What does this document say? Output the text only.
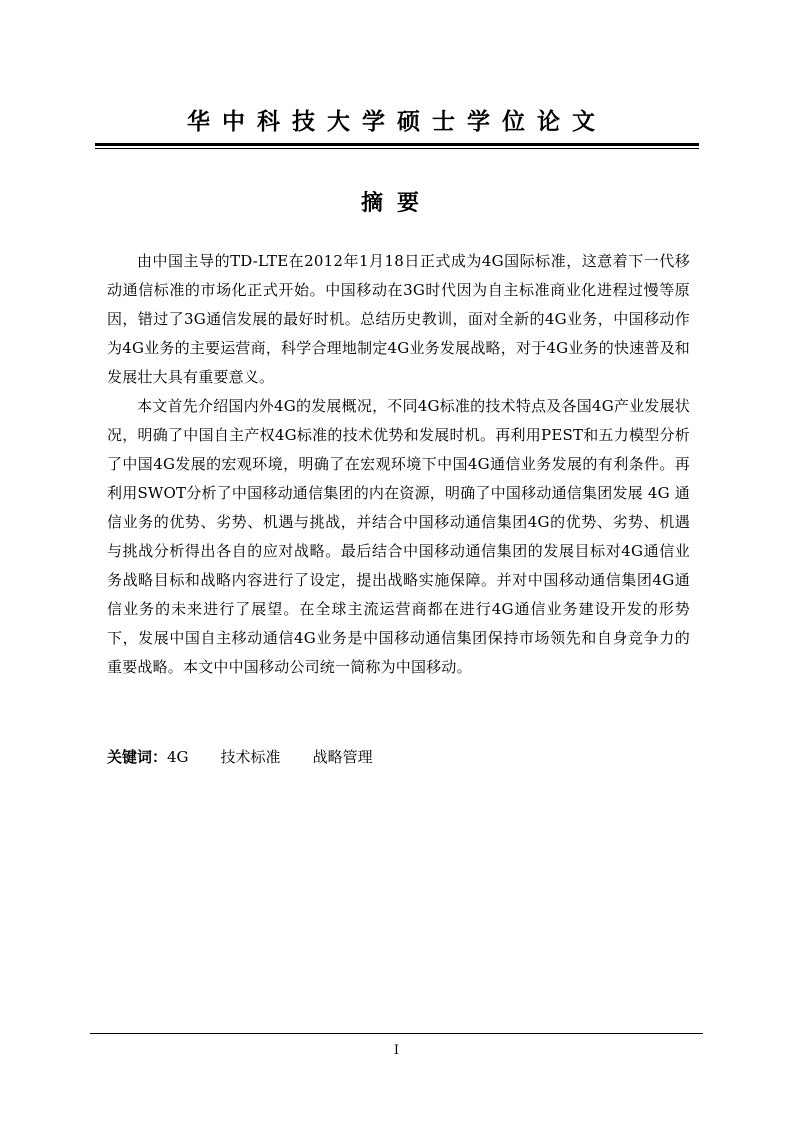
华中科技大学硕士学位论文
摘要

由中国主导的TD-LTE在2012年1月18日正式成为4G国际标准，这意着下一代移动通信标准的市场化正式开始。中国移动在3G时代因为自主标准商业化进程过慢等原因，错过了3G通信发展的最好时机。总结历史教训，面对全新的4G业务，中国移动作为4G业务的主要运营商，科学合理地制定4G业务发展战略，对于4G业务的快速普及和发展壮大具有重要意义。

本文首先介绍国内外4G的发展概况，不同4G标准的技术特点及各国4G产业发展状况，明确了中国自主产权4G标准的技术优势和发展时机。再利用PEST和五力模型分析了中国4G发展的宏观环境，明确了在宏观环境下中国4G通信业务发展的有利条件。再利用SWOT分析了中国移动通信集团的内在资源，明确了中国移动通信集团发展 4G 通信业务的优势、劣势、机遇与挑战，并结合中国移动通信集团4G的优势、劣势、机遇与挑战分析得出各自的应对战略。最后结合中国移动通信集团的发展目标对4G通信业务战略目标和战略内容进行了设定，提出战略实施保障。并对中国移动通信集团4G通信业务的未来进行了展望。在全球主流运营商都在进行4G通信业务建设开发的形势下，发展中国自主移动通信4G业务是中国移动通信集团保持市场领先和自身竞争力的重要战略。本文中中国移动公司统一简称为中国移动。

关键词：4G 技术标准 战略管理
I
